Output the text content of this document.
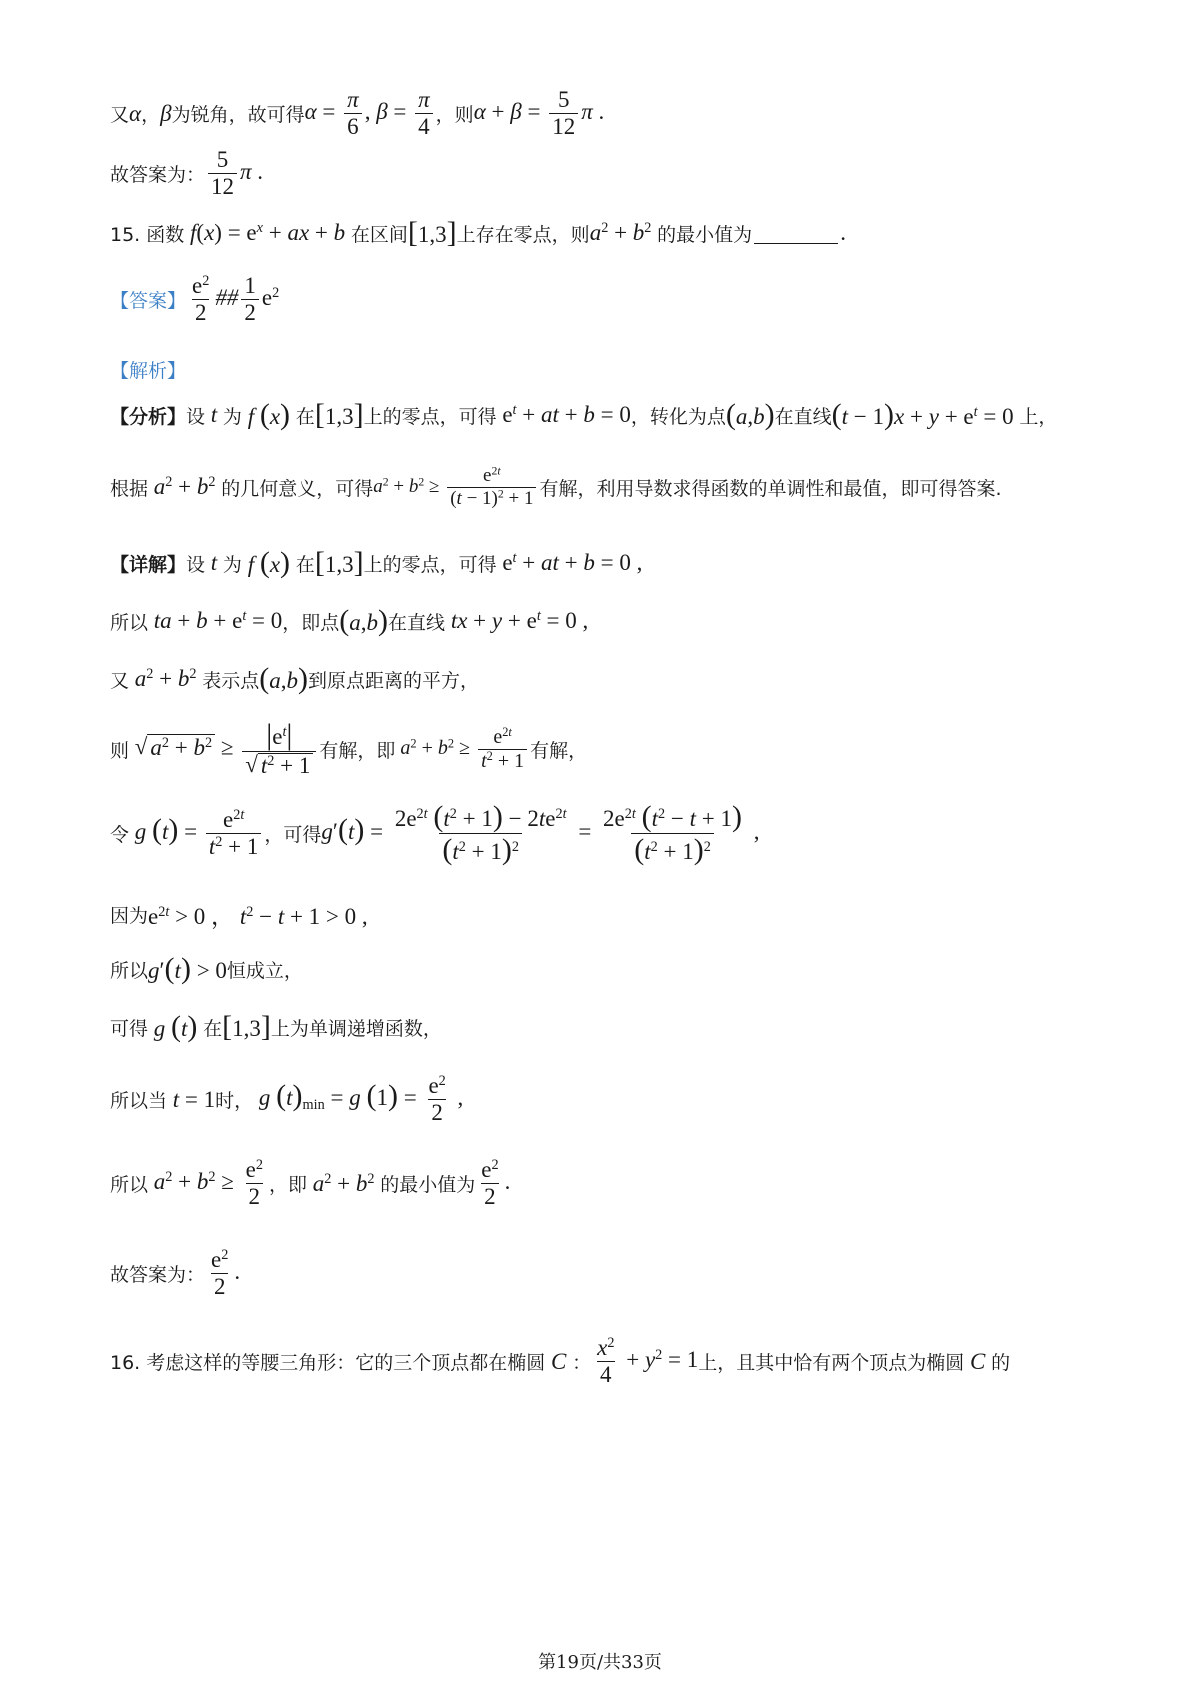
又 α ， β 为锐角，故可得 $\alpha = \frac{\pi}{6}$ , $\beta = \frac{\pi}{4}$ ，则 $\alpha + \beta = \frac{5}{12}$ π .
故答案为： $\frac{5}{12}$ π .
15. 函数 $f(x) = e^x$ + ax + b 在区间 [1,3] 上存在零点，则 $a^2 + b^2$ 的最小值为	.
【答案】 $\frac{e^2}{2}$ ## $\frac{1}{2} e^2$
【解析】
【分析】 设 t 为 f (x) 在 [1,3] 上的零点，可得 $e^t$ + at + b = 0 ，转化为点 (a,b) 在直线 $(t - 1)x + y + e^t = 0$ 上，
根据 $a^2 + b^2$ 的几何意义，可得 $a^2 + b^2 \ge \frac{e^{2t}}{(t - 1)^2 + 1}$ 有解，利用导数求得函数的单调性和最值，即可得答案.
【详解】 设 t 为 f (x) 在 [1,3] 上的零点，可得 $e^t$ + at + b = 0 ,
所以 ta + $b + e^t = 0$ ，即点 (a,b) 在直线 tx + $y + e^t = 0$ ,
又 $a^2 + b^2$ 表示点 (a,b) 到原点距离的平方，
则
√ $a^2 + b^2 \ge \frac{|e^t|}{√ t^2 + 1}$ 有解，即 $a^2 + b^2 \ge \frac{e^{2t}}{t^2 + 1}$ 有解，
令 g $(t) = \frac{e^{2t}}{t^2 + 1}$ ，可得 $g'(t) = \frac{2e^{2t} (t^2 + 1) - 2te^{2t}}{(t^2 + 1)^2} = \frac{2e^{2t} (t^2 - t + 1)}{(t^2 + 1)^2}$ ,
因为 $e^{2t} > 0$ ， $t^2 - t + 1 > 0$ ,
所以 g′(t) > 0 恒成立，
可得 g (t) 在 [1,3] 上为单调递增函数，
所以当 t = 1 时， g $(t)_{min} = g$ $(1) = \frac{e^2}{2}$ ,
所以 $a^2 + b^2 \ge \frac{e^2}{2}$ ，即 $a^2 + b^2$ 的最小值为 $\frac{e^2}{2}$ .
故答案为： $\frac{e^2}{2}$ .
16. 考虑这样的等腰三角形：它的三个顶点都在椭圆 C ： $\frac{x^2}{4} + y^2 = 1$ 上，且其中恰有两个顶点为椭圆 C 的
第19页/共33页
